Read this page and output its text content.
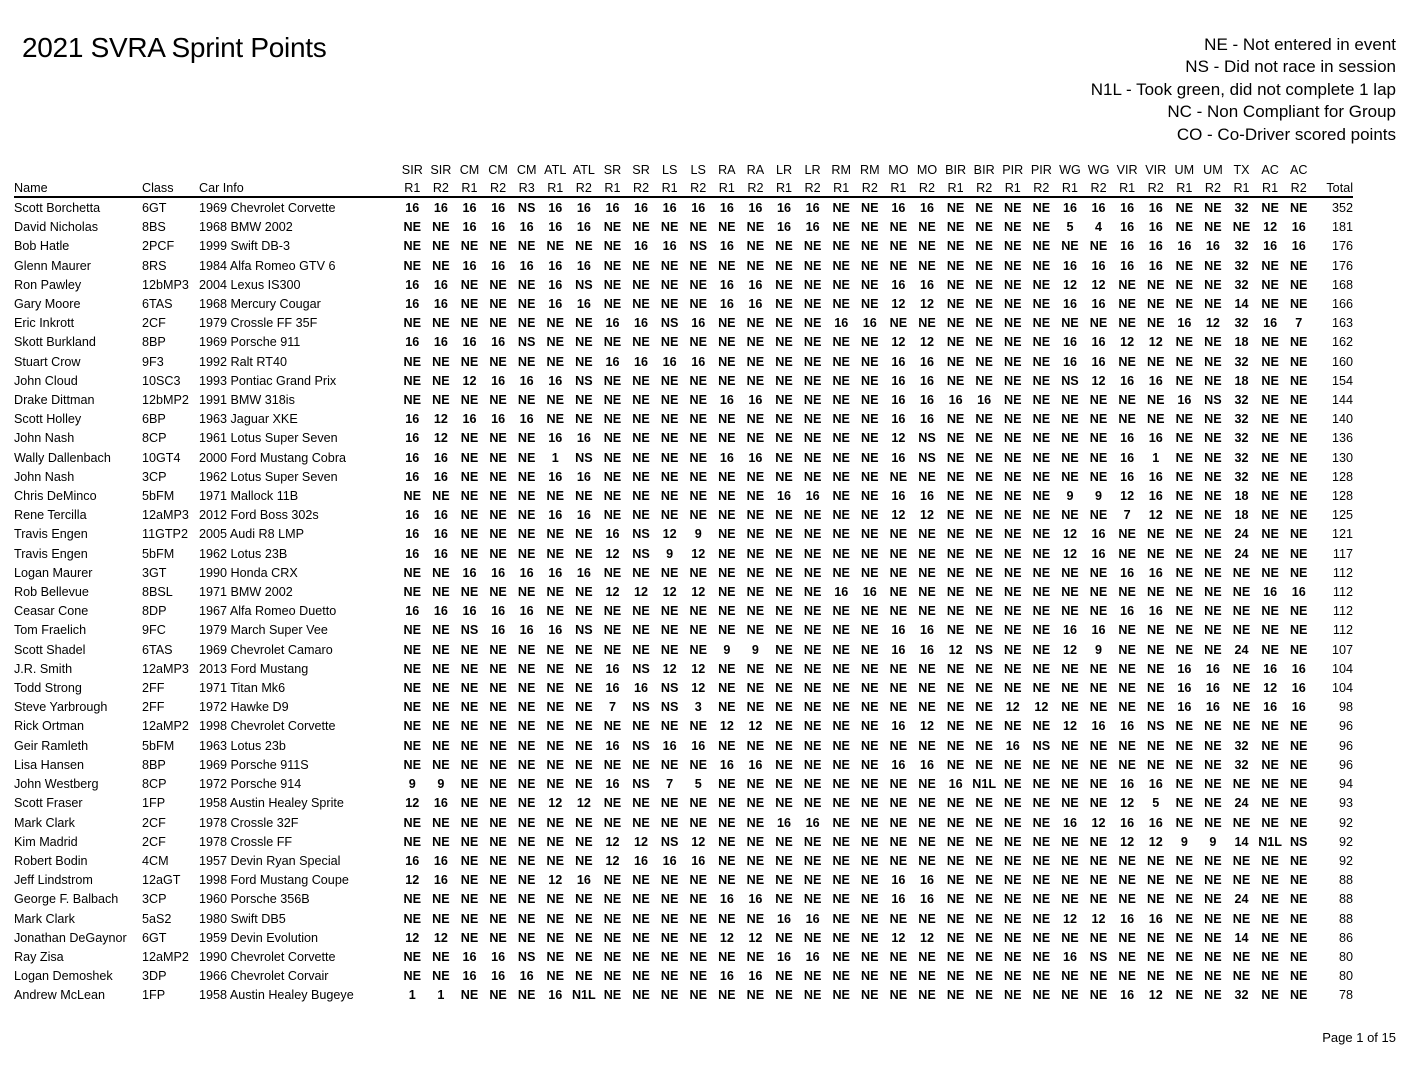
2021 SVRA Sprint Points	NE - Not entered in event
NS - Did not race in session
N1L - Took green, did not complete 1 lap
NC - Non Compliant for Group
CO - Co-Driver scored points
			SIR	SIR	CM	CM	CM	ATL	ATL	SR	SR	LS	LS	RA	RA	LR	LR	RM	RM	MO	MO	BIR	BIR	PIR	PIR	WG	WG	VIR	VIR	UM	UM	TX	AC	AC	
Name	Class	Car Info	R1	R2	R1	R2	R3	R1	R2	R1	R2	R1	R2	R1	R2	R1	R2	R1	R2	R1	R2	R1	R2	R1	R2	R1	R2	R1	R2	R1	R2	R1	R1	R2	Total
Scott Borchetta	6GT	1969 Chevrolet Corvette	16	16	16	16	NS	16	16	16	16	16	16	16	16	16	16	NE	NE	16	16	NE	NE	NE	NE	16	16	16	16	NE	NE	32	NE	NE	352
David Nicholas	8BS	1968 BMW 2002	NE	NE	16	16	16	16	16	NE	NE	NE	NE	NE	NE	16	16	NE	NE	NE	NE	NE	NE	NE	NE	5	4	16	16	NE	NE	NE	12	16	181
Bob Hatle	2PCF	1999 Swift DB-3	NE	NE	NE	NE	NE	NE	NE	NE	16	16	NS	16	NE	NE	NE	NE	NE	NE	NE	NE	NE	NE	NE	NE	NE	16	16	16	16	32	16	16	176
Glenn Maurer	8RS	1984 Alfa Romeo GTV 6	NE	NE	16	16	16	16	16	NE	NE	NE	NE	NE	NE	NE	NE	NE	NE	NE	NE	NE	NE	NE	NE	16	16	16	16	NE	NE	32	NE	NE	176
Ron Pawley	12bMP3	2004 Lexus IS300	16	16	NE	NE	NE	16	NS	NE	NE	NE	NE	16	16	NE	NE	NE	NE	16	16	NE	NE	NE	NE	12	12	NE	NE	NE	NE	32	NE	NE	168
Gary Moore	6TAS	1968 Mercury Cougar	16	16	NE	NE	NE	16	16	NE	NE	NE	NE	16	16	NE	NE	NE	NE	12	12	NE	NE	NE	NE	16	16	NE	NE	NE	NE	14	NE	NE	166
Eric Inkrott	2CF	1979 Crossle FF 35F	NE	NE	NE	NE	NE	NE	NE	16	16	NS	16	NE	NE	NE	NE	16	16	NE	NE	NE	NE	NE	NE	NE	NE	NE	NE	16	12	32	16	7	163
Skott Burkland	8BP	1969 Porsche 911	16	16	16	16	NS	NE	NE	NE	NE	NE	NE	NE	NE	NE	NE	NE	NE	12	12	NE	NE	NE	NE	16	16	12	12	NE	NE	18	NE	NE	162
Stuart Crow	9F3	1992 Ralt RT40	NE	NE	NE	NE	NE	NE	NE	16	16	16	16	NE	NE	NE	NE	NE	NE	16	16	NE	NE	NE	NE	16	16	NE	NE	NE	NE	32	NE	NE	160
John Cloud	10SC3	1993 Pontiac Grand Prix	NE	NE	12	16	16	16	NS	NE	NE	NE	NE	NE	NE	NE	NE	NE	NE	16	16	NE	NE	NE	NE	NS	12	16	16	NE	NE	18	NE	NE	154
Drake Dittman	12bMP2	1991 BMW 318is	NE	NE	NE	NE	NE	NE	NE	NE	NE	NE	NE	16	16	NE	NE	NE	NE	16	16	16	16	NE	NE	NE	NE	NE	NE	16	NS	32	NE	NE	144
Scott Holley	6BP	1963 Jaguar XKE	16	12	16	16	16	NE	NE	NE	NE	NE	NE	NE	NE	NE	NE	NE	NE	16	16	NE	NE	NE	NE	NE	NE	NE	NE	NE	NE	32	NE	NE	140
John Nash	8CP	1961 Lotus Super Seven	16	12	NE	NE	NE	16	16	NE	NE	NE	NE	NE	NE	NE	NE	NE	NE	12	NS	NE	NE	NE	NE	NE	NE	16	16	NE	NE	32	NE	NE	136
Wally Dallenbach	10GT4	2000 Ford Mustang Cobra	16	16	NE	NE	NE	1	NS	NE	NE	NE	NE	16	16	NE	NE	NE	NE	16	NS	NE	NE	NE	NE	NE	NE	16	1	NE	NE	32	NE	NE	130
John Nash	3CP	1962 Lotus Super Seven	16	16	NE	NE	NE	16	16	NE	NE	NE	NE	NE	NE	NE	NE	NE	NE	NE	NE	NE	NE	NE	NE	NE	NE	16	16	NE	NE	32	NE	NE	128
Chris DeMinco	5bFM	1971 Mallock 11B	NE	NE	NE	NE	NE	NE	NE	NE	NE	NE	NE	NE	NE	16	16	NE	NE	16	16	NE	NE	NE	NE	9	9	12	16	NE	NE	18	NE	NE	128
Rene Tercilla	12aMP3	2012 Ford Boss 302s	16	16	NE	NE	NE	16	16	NE	NE	NE	NE	NE	NE	NE	NE	NE	NE	12	12	NE	NE	NE	NE	NE	NE	7	12	NE	NE	18	NE	NE	125
Travis Engen	11GTP2	2005 Audi R8 LMP	16	16	NE	NE	NE	NE	NE	16	NS	12	9	NE	NE	NE	NE	NE	NE	NE	NE	NE	NE	NE	NE	12	16	NE	NE	NE	NE	24	NE	NE	121
Travis Engen	5bFM	1962 Lotus 23B	16	16	NE	NE	NE	NE	NE	12	NS	9	12	NE	NE	NE	NE	NE	NE	NE	NE	NE	NE	NE	NE	12	16	NE	NE	NE	NE	24	NE	NE	117
Logan Maurer	3GT	1990 Honda CRX	NE	NE	16	16	16	16	16	NE	NE	NE	NE	NE	NE	NE	NE	NE	NE	NE	NE	NE	NE	NE	NE	NE	NE	16	16	NE	NE	NE	NE	NE	112
Rob Bellevue	8BSL	1971 BMW 2002	NE	NE	NE	NE	NE	NE	NE	12	12	12	12	NE	NE	NE	NE	16	16	NE	NE	NE	NE	NE	NE	NE	NE	NE	NE	NE	NE	NE	16	16	112
Ceasar Cone	8DP	1967 Alfa Romeo Duetto	16	16	16	16	16	NE	NE	NE	NE	NE	NE	NE	NE	NE	NE	NE	NE	NE	NE	NE	NE	NE	NE	NE	NE	16	16	NE	NE	NE	NE	NE	112
Tom Fraelich	9FC	1979 March Super Vee	NE	NE	NS	16	16	16	NS	NE	NE	NE	NE	NE	NE	NE	NE	NE	NE	16	16	NE	NE	NE	NE	16	16	NE	NE	NE	NE	NE	NE	NE	112
Scott Shadel	6TAS	1969 Chevrolet Camaro	NE	NE	NE	NE	NE	NE	NE	NE	NE	NE	NE	9	9	NE	NE	NE	NE	16	16	12	NS	NE	NE	12	9	NE	NE	NE	NE	24	NE	NE	107
J.R. Smith	12aMP3	2013 Ford Mustang	NE	NE	NE	NE	NE	NE	NE	16	NS	12	12	NE	NE	NE	NE	NE	NE	NE	NE	NE	NE	NE	NE	NE	NE	NE	NE	16	16	NE	16	16	104
Todd Strong	2FF	1971 Titan Mk6	NE	NE	NE	NE	NE	NE	NE	16	16	NS	12	NE	NE	NE	NE	NE	NE	NE	NE	NE	NE	NE	NE	NE	NE	NE	NE	16	16	NE	12	16	104
Steve Yarbrough	2FF	1972 Hawke D9	NE	NE	NE	NE	NE	NE	NE	7	NS	NS	3	NE	NE	NE	NE	NE	NE	NE	NE	NE	NE	12	12	NE	NE	NE	NE	16	16	NE	16	16	98
Rick Ortman	12aMP2	1998 Chevrolet Corvette	NE	NE	NE	NE	NE	NE	NE	NE	NE	NE	NE	12	12	NE	NE	NE	NE	16	12	NE	NE	NE	NE	12	16	16	NS	NE	NE	NE	NE	NE	96
Geir Ramleth	5bFM	1963 Lotus 23b	NE	NE	NE	NE	NE	NE	NE	16	NS	16	16	NE	NE	NE	NE	NE	NE	NE	NE	NE	NE	16	NS	NE	NE	NE	NE	NE	NE	32	NE	NE	96
Lisa Hansen	8BP	1969 Porsche 911S	NE	NE	NE	NE	NE	NE	NE	NE	NE	NE	NE	16	16	NE	NE	NE	NE	16	16	NE	NE	NE	NE	NE	NE	NE	NE	NE	NE	32	NE	NE	96
John Westberg	8CP	1972 Porsche 914	9	9	NE	NE	NE	NE	NE	16	NS	7	5	NE	NE	NE	NE	NE	NE	NE	NE	16	N1L	NE	NE	NE	NE	16	16	NE	NE	NE	NE	NE	94
Scott Fraser	1FP	1958 Austin Healey Sprite	12	16	NE	NE	NE	12	12	NE	NE	NE	NE	NE	NE	NE	NE	NE	NE	NE	NE	NE	NE	NE	NE	NE	NE	12	5	NE	NE	24	NE	NE	93
Mark Clark	2CF	1978 Crossle 32F	NE	NE	NE	NE	NE	NE	NE	NE	NE	NE	NE	NE	NE	16	16	NE	NE	NE	NE	NE	NE	NE	NE	16	12	16	16	NE	NE	NE	NE	NE	92
Kim Madrid	2CF	1978 Crossle FF	NE	NE	NE	NE	NE	NE	NE	12	12	NS	12	NE	NE	NE	NE	NE	NE	NE	NE	NE	NE	NE	NE	NE	NE	12	12	9	9	14	N1L	NS	92
Robert Bodin	4CM	1957 Devin Ryan Special	16	16	NE	NE	NE	NE	NE	12	16	16	16	NE	NE	NE	NE	NE	NE	NE	NE	NE	NE	NE	NE	NE	NE	NE	NE	NE	NE	NE	NE	NE	92
Jeff Lindstrom	12aGT	1998 Ford Mustang Coupe	12	16	NE	NE	NE	12	16	NE	NE	NE	NE	NE	NE	NE	NE	NE	NE	16	16	NE	NE	NE	NE	NE	NE	NE	NE	NE	NE	NE	NE	NE	88
George F. Balbach	3CP	1960 Porsche 356B	NE	NE	NE	NE	NE	NE	NE	NE	NE	NE	NE	16	16	NE	NE	NE	NE	16	16	NE	NE	NE	NE	NE	NE	NE	NE	NE	NE	24	NE	NE	88
Mark Clark	5aS2	1980 Swift DB5	NE	NE	NE	NE	NE	NE	NE	NE	NE	NE	NE	NE	NE	16	16	NE	NE	NE	NE	NE	NE	NE	NE	12	12	16	16	NE	NE	NE	NE	NE	88
Jonathan DeGaynor	6GT	1959 Devin Evolution	12	12	NE	NE	NE	NE	NE	NE	NE	NE	NE	12	12	NE	NE	NE	NE	12	12	NE	NE	NE	NE	NE	NE	NE	NE	NE	NE	14	NE	NE	86
Ray Zisa	12aMP2	1990 Chevrolet Corvette	NE	NE	16	16	NS	NE	NE	NE	NE	NE	NE	NE	NE	16	16	NE	NE	NE	NE	NE	NE	NE	NE	16	NS	NE	NE	NE	NE	NE	NE	NE	80
Logan Demoshek	3DP	1966 Chevrolet Corvair	NE	NE	16	16	16	NE	NE	NE	NE	NE	NE	16	16	NE	NE	NE	NE	NE	NE	NE	NE	NE	NE	NE	NE	NE	NE	NE	NE	NE	NE	NE	80
Andrew McLean	1FP	1958 Austin Healey Bugeye	1	1	NE	NE	NE	16	N1L	NE	NE	NE	NE	NE	NE	NE	NE	NE	NE	NE	NE	NE	NE	NE	NE	NE	NE	16	12	NE	NE	32	NE	NE	78
Page 1 of 15
